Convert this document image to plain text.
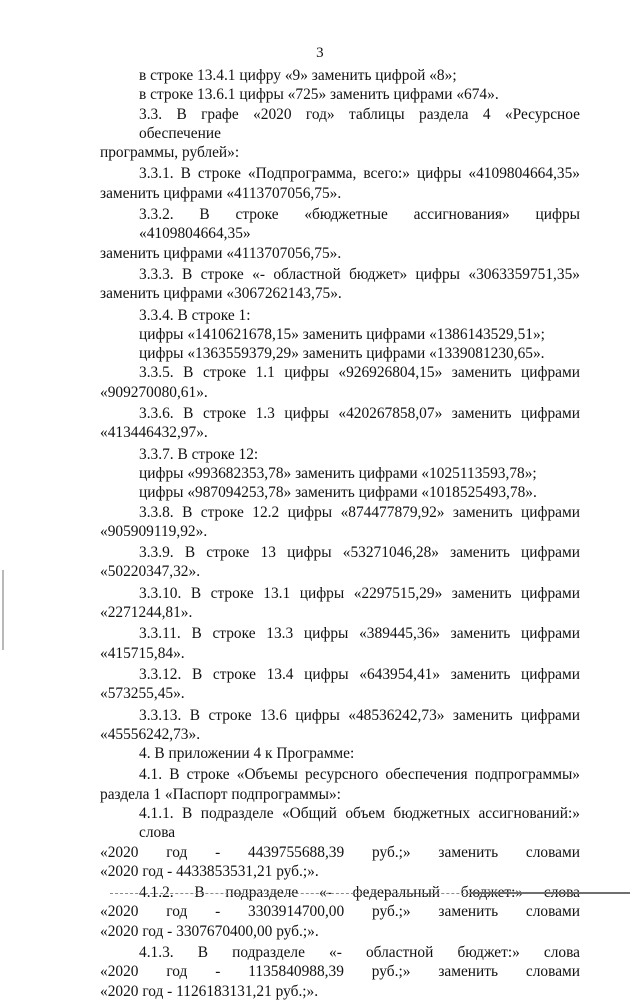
3
в строке 13.4.1 цифру «9» заменить цифрой «8»;
в строке 13.6.1 цифры «725» заменить цифрами «674».
3.3. В графе «2020 год» таблицы раздела 4 «Ресурсное обеспечение
программы, рублей»:
3.3.1. В строке «Подпрограмма, всего:» цифры «4109804664,35»
заменить цифрами «4113707056,75».
3.3.2. В строке «бюджетные ассигнования» цифры «4109804664,35»
заменить цифрами «4113707056,75».
3.3.3. В строке «- областной бюджет» цифры «3063359751,35»
заменить цифрами «3067262143,75».
3.3.4. В строке 1:
цифры «1410621678,15» заменить цифрами «1386143529,51»;
цифры «1363559379,29» заменить цифрами «1339081230,65».
3.3.5. В строке 1.1 цифры «926926804,15» заменить цифрами
«909270080,61».
3.3.6. В строке 1.3 цифры «420267858,07» заменить цифрами
«413446432,97».
3.3.7. В строке 12:
цифры «993682353,78» заменить цифрами «1025113593,78»;
цифры «987094253,78» заменить цифрами «1018525493,78».
3.3.8. В строке 12.2 цифры «874477879,92» заменить цифрами
«905909119,92».
3.3.9. В строке 13 цифры «53271046,28» заменить цифрами
«50220347,32».
3.3.10. В строке 13.1 цифры «2297515,29» заменить цифрами
«2271244,81».
3.3.11. В строке 13.3 цифры «389445,36» заменить цифрами
«415715,84».
3.3.12. В строке 13.4 цифры «643954,41» заменить цифрами
«573255,45».
3.3.13. В строке 13.6 цифры «48536242,73» заменить цифрами
«45556242,73».
4. В приложении 4 к Программе:
4.1. В строке «Объемы ресурсного обеспечения подпрограммы»
раздела 1 «Паспорт подпрограммы»:
4.1.1. В подразделе «Общий объем бюджетных ассигнований:» слова
«2020 год - 4439755688,39 руб.;» заменить словами
«2020 год - 4433853531,21 руб.;».
4.1.2. В подразделе «- федеральный бюджет:» слова
«2020 год - 3303914700,00 руб.;» заменить словами
«2020 год - 3307670400,00 руб.;».
4.1.3. В подразделе «- областной бюджет:» слова
«2020 год - 1135840988,39 руб.;» заменить словами
«2020 год - 1126183131,21 руб.;».
